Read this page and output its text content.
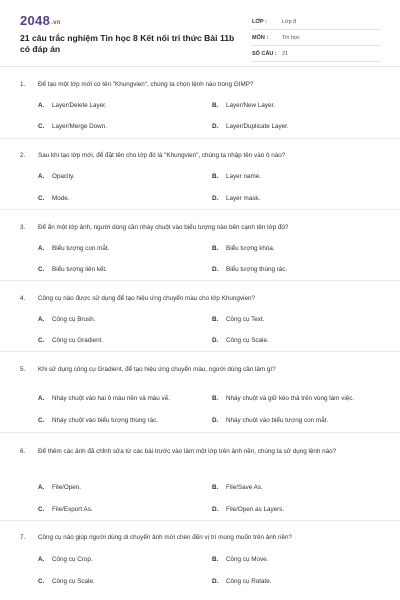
2048.vn
21 câu trắc nghiệm Tin học 8 Kết nối tri thức Bài 11b có đáp án
LỚP :	Lớp 8
MÔN :	Tin học
SỐ CÂU : 21
1.	Để tạo một lớp mới có tên "Khungvien", chúng ta chọn lệnh nào trong GIMP?
A.	Layer/Delete Layer.	B.	Layer/New Layer.
C.	Layer/Merge Down.	D.	Layer/Duplicate Layer.
2.	Sau khi tạo lớp mới, để đặt tên cho lớp đó là "Khungvien", chúng ta nhập tên vào ô nào?
A.	Opacity.	B.	Layer name.
C.	Mode.	D.	Layer mask.
3.	Để ẩn một lớp ảnh, người dùng cần nháy chuột vào biểu tượng nào bên cạnh tên lớp đó?
A.	Biểu tượng con mắt.	B.	Biểu tượng khóa.
C.	Biểu tượng liên kết.	D.	Biểu tượng thùng rác.
4.	Công cụ nào được sử dụng để tạo hiệu ứng chuyển màu cho lớp Khungvien?
A.	Công cụ Brush.	B.	Công cụ Text.
C.	Công cụ Gradient.	D.	Công cụ Scale.
5.	Khi sử dụng công cụ Gradient, để tạo hiệu ứng chuyển màu, người dùng cần làm gì?
A.	Nháy chuột vào hai ô màu nền và màu vẽ.	B.	Nháy chuột và giữ kéo thả trên vùng làm việc.
C.	Nháy chuột vào biểu tượng thùng rác.	D.	Nháy chuột vào biểu tượng con mắt.
6.	Để thêm các ảnh đã chỉnh sửa từ các bài trước vào làm một lớp trên ảnh nền, chúng ta sử dụng lệnh nào?
A.	File/Open.	B.	File/Save As.
C.	File/Export As.	D.	File/Open as Layers.
7.	Công cụ nào giúp người dùng di chuyển ảnh mới chèn đến vị trí mong muốn trên ảnh nền?
A.	Công cụ Crop.	B.	Công cụ Move.
C.	Công cụ Scale.	D.	Công cụ Rotate.
